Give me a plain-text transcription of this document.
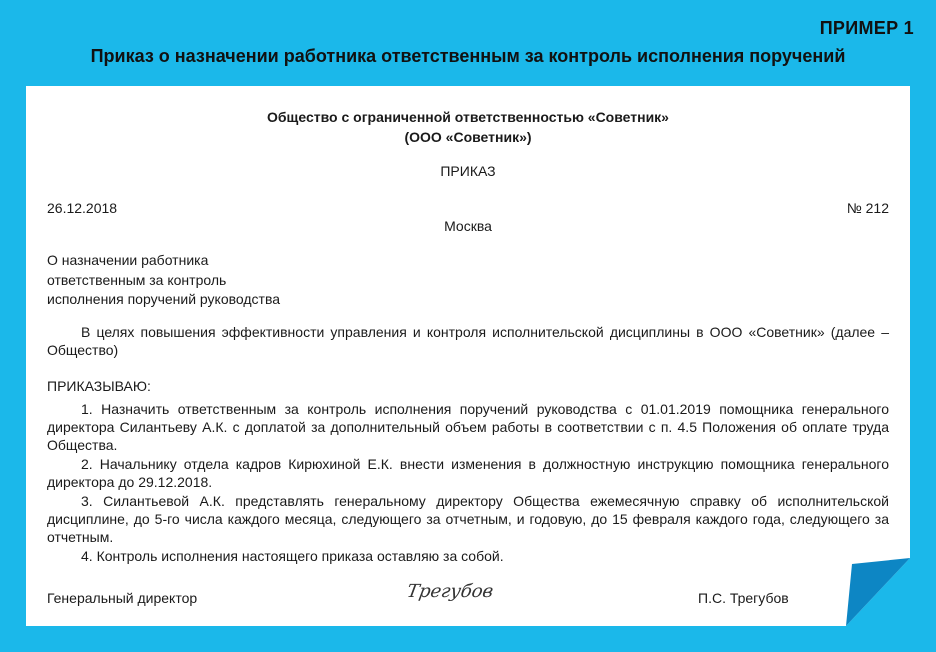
ПРИМЕР 1
Приказ о назначении работника ответственным за контроль исполнения поручений
Общество с ограниченной ответственностью «Советник»
(ООО «Советник»)
ПРИКАЗ
26.12.2018	№ 212
Москва
О назначении работника
ответственным за контроль
исполнения поручений руководства
В целях повышения эффективности управления и контроля исполнительской дисциплины в ООО «Советник» (далее – Общество)
ПРИКАЗЫВАЮ:

1. Назначить ответственным за контроль исполнения поручений руководства с 01.01.2019 помощника генерального директора Силантьеву А.К. с доплатой за дополнительный объем работы в соответствии с п. 4.5 Положения об оплате труда Общества.

2. Начальнику отдела кадров Кирюхиной Е.К. внести изменения в должностную инструкцию помощника генерального директора до 29.12.2018.

3. Силантьевой А.К. представлять генеральному директору Общества ежемесячную справку об исполнительской дисциплине, до 5-го числа каждого месяца, следующего за отчетным, и годовую, до 15 февраля каждого года, следующего за отчетным.

4. Контроль исполнения настоящего приказа оставляю за собой.

Генеральный директор	Трегубов	П.С. Трегубов
